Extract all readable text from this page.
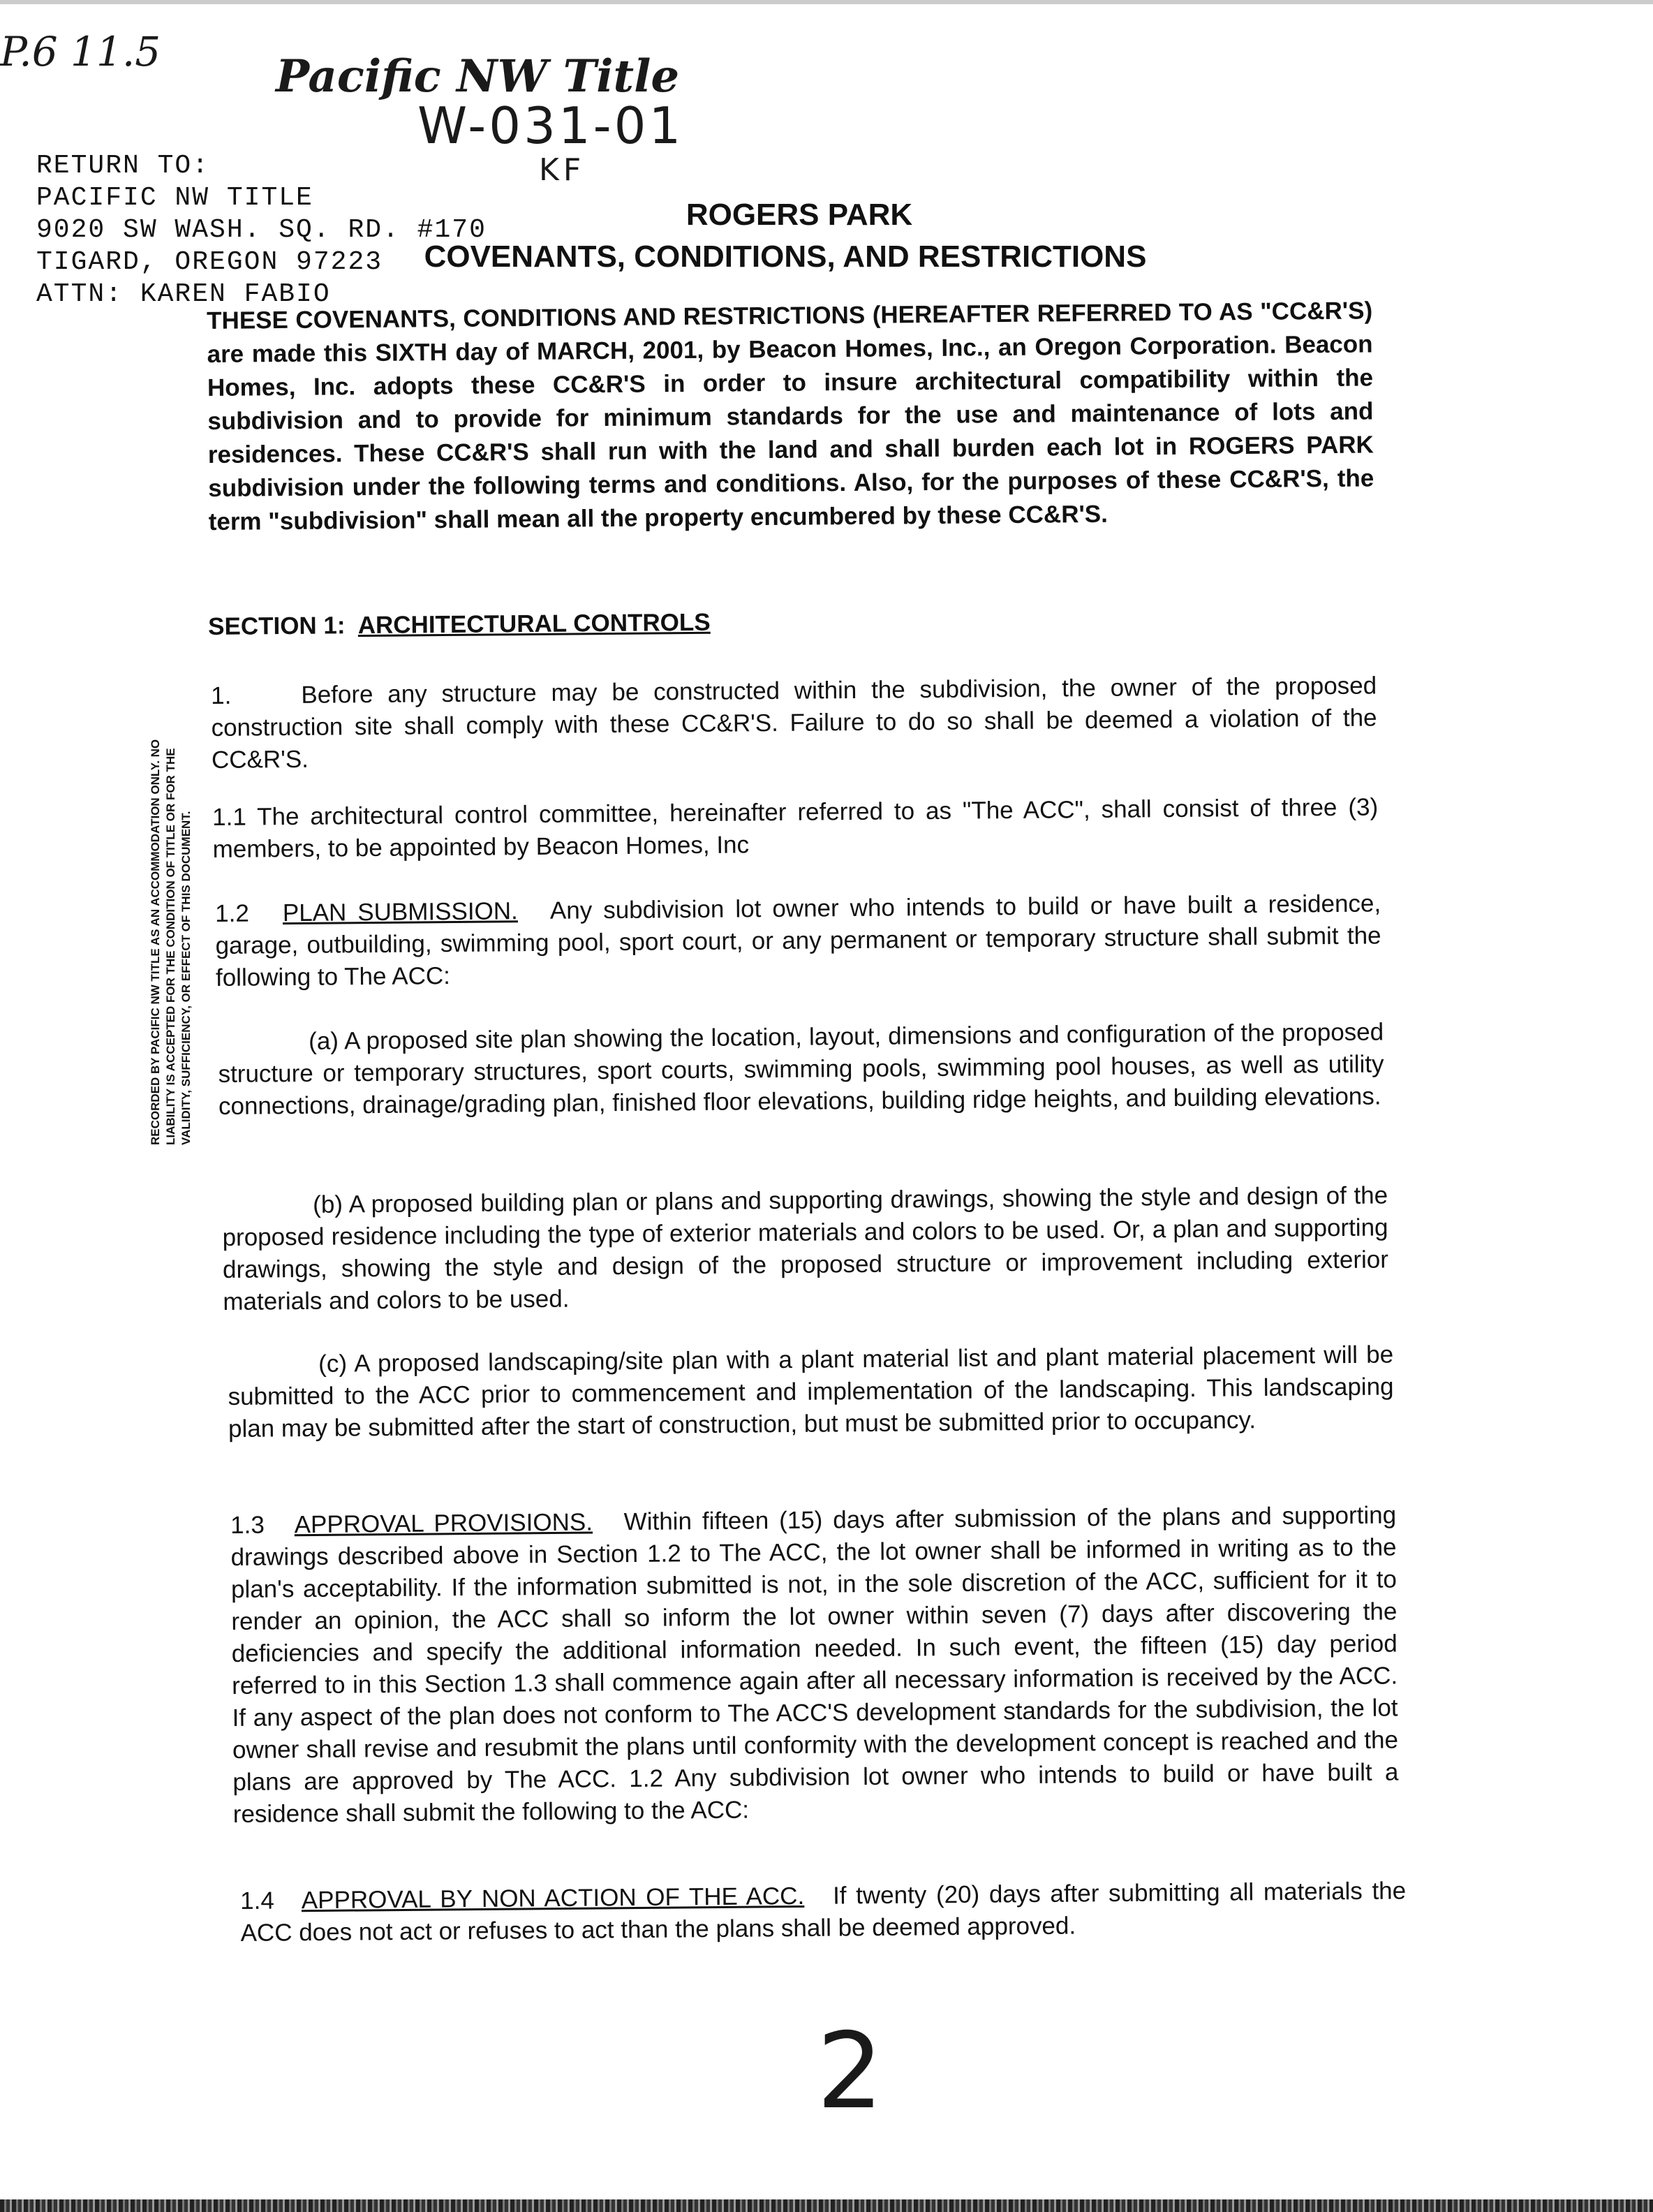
P.6 11.5	Pacific NW Title
W-031-01
KF
RETURN TO:
PACIFIC NW TITLE
9020 SW WASH. SQ. RD. #170
TIGARD, OREGON 97223
ATTN: KAREN FABIO
ROGERS PARK
COVENANTS, CONDITIONS, AND RESTRICTIONS
THESE COVENANTS, CONDITIONS AND RESTRICTIONS (HEREAFTER REFERRED TO AS "CC&R'S) are made this SIXTH day of MARCH, 2001, by Beacon Homes, Inc., an Oregon Corporation. Beacon Homes, Inc. adopts these CC&R'S in order to insure architectural compatibility within the subdivision and to provide for minimum standards for the use and maintenance of lots and residences. These CC&R'S shall run with the land and shall burden each lot in ROGERS PARK subdivision under the following terms and conditions. Also, for the purposes of these CC&R'S, the term "subdivision" shall mean all the property encumbered by these CC&R'S.
SECTION 1: ARCHITECTURAL CONTROLS
RECORDED BY PACIFIC NW TITLE AS AN ACCOMMODATION ONLY. NO LIABILITY IS ACCEPTED FOR THE CONDITION OF TITLE OR FOR THE VALIDITY, SUFFICIENCY, OR EFFECT OF THIS DOCUMENT.
1.	Before any structure may be constructed within the subdivision, the owner of the proposed construction site shall comply with these CC&R'S. Failure to do so shall be deemed a violation of the CC&R'S.
1.1 The architectural control committee, hereinafter referred to as "The ACC", shall consist of three (3) members, to be appointed by Beacon Homes, Inc
1.2 PLAN SUBMISSION. Any subdivision lot owner who intends to build or have built a residence, garage, outbuilding, swimming pool, sport court, or any permanent or temporary structure shall submit the following to The ACC:
(a) A proposed site plan showing the location, layout, dimensions and configuration of the proposed structure or temporary structures, sport courts, swimming pools, swimming pool houses, as well as utility connections, drainage/grading plan, finished floor elevations, building ridge heights, and building elevations.
(b) A proposed building plan or plans and supporting drawings, showing the style and design of the proposed residence including the type of exterior materials and colors to be used. Or, a plan and supporting drawings, showing the style and design of the proposed structure or improvement including exterior materials and colors to be used.
(c) A proposed landscaping/site plan with a plant material list and plant material placement will be submitted to the ACC prior to commencement and implementation of the landscaping. This landscaping plan may be submitted after the start of construction, but must be submitted prior to occupancy.
1.3 APPROVAL PROVISIONS. Within fifteen (15) days after submission of the plans and supporting drawings described above in Section 1.2 to The ACC, the lot owner shall be informed in writing as to the plan's acceptability. If the information submitted is not, in the sole discretion of the ACC, sufficient for it to render an opinion, the ACC shall so inform the lot owner within seven (7) days after discovering the deficiencies and specify the additional information needed. In such event, the fifteen (15) day period referred to in this Section 1.3 shall commence again after all necessary information is received by the ACC. If any aspect of the plan does not conform to The ACC'S development standards for the subdivision, the lot owner shall revise and resubmit the plans until conformity with the development concept is reached and the plans are approved by The ACC. 1.2 Any subdivision lot owner who intends to build or have built a residence shall submit the following to the ACC:
1.4 APPROVAL BY NON ACTION OF THE ACC. If twenty (20) days after submitting all materials the ACC does not act or refuses to act than the plans shall be deemed approved.
2
